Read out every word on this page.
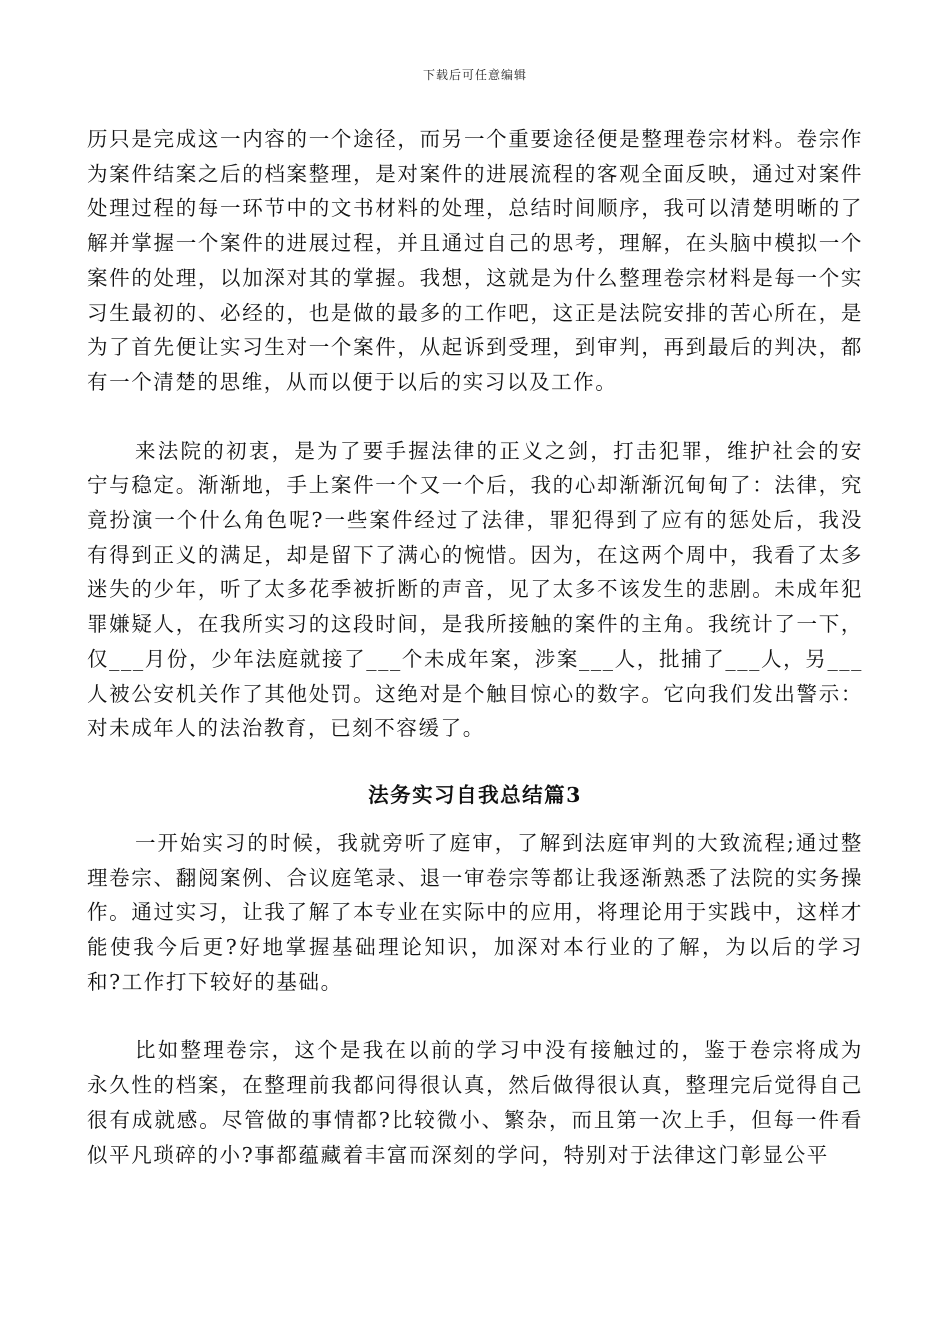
下载后可任意编辑

历只是完成这一内容的一个途径，而另一个重要途径便是整理卷宗材料。卷宗作为案件结案之后的档案整理，是对案件的进展流程的客观全面反映，通过对案件处理过程的每一环节中的文书材料的处理，总结时间顺序，我可以清楚明晰的了解并掌握一个案件的进展过程，并且通过自己的思考，理解，在头脑中模拟一个案件的处理，以加深对其的掌握。我想，这就是为什么整理卷宗材料是每一个实习生最初的、必经的，也是做的最多的工作吧，这正是法院安排的苦心所在，是为了首先便让实习生对一个案件，从起诉到受理，到审判，再到最后的判决，都有一个清楚的思维，从而以便于以后的实习以及工作。

来法院的初衷，是为了要手握法律的正义之剑，打击犯罪，维护社会的安宁与稳定。渐渐地，手上案件一个又一个后，我的心却渐渐沉甸甸了：法律，究竟扮演一个什么角色呢?一些案件经过了法律，罪犯得到了应有的惩处后，我没有得到正义的满足，却是留下了满心的惋惜。因为，在这两个周中，我看了太多迷失的少年，听了太多花季被折断的声音，见了太多不该发生的悲剧。未成年犯罪嫌疑人，在我所实习的这段时间，是我所接触的案件的主角。我统计了一下，仅___月份，少年法庭就接了___个未成年案，涉案___人，批捕了___人，另___人被公安机关作了其他处罚。这绝对是个触目惊心的数字。它向我们发出警示：对未成年人的法治教育，已刻不容缓了。

法务实习自我总结篇3

一开始实习的时候，我就旁听了庭审，了解到法庭审判的大致流程;通过整理卷宗、翻阅案例、合议庭笔录、退一审卷宗等都让我逐渐熟悉了法院的实务操作。通过实习，让我了解了本专业在实际中的应用，将理论用于实践中，这样才能使我今后更?好地掌握基础理论知识，加深对本行业的了解，为以后的学习和?工作打下较好的基础。

比如整理卷宗，这个是我在以前的学习中没有接触过的，鉴于卷宗将成为永久性的档案，在整理前我都问得很认真，然后做得很认真，整理完后觉得自己很有成就感。尽管做的事情都?比较微小、繁杂，而且第一次上手，但每一件看似平凡琐碎的小?事都蕴藏着丰富而深刻的学问，特别对于法律这门彰显公平
